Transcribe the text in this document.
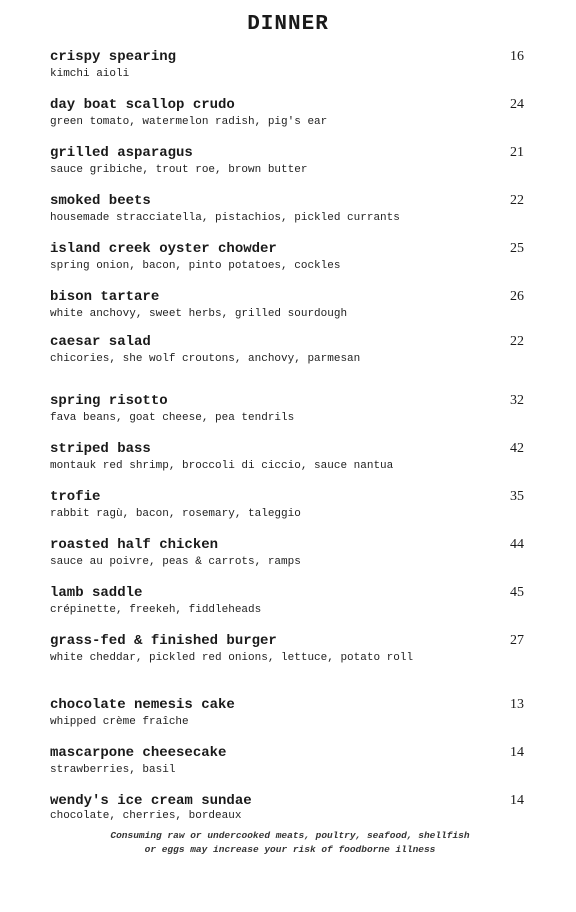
DINNER
crispy spearing
kimchi aioli
16
day boat scallop crudo
green tomato, watermelon radish, pig's ear
24
grilled asparagus
sauce gribiche, trout roe, brown butter
21
smoked beets
housemade stracciatella, pistachios, pickled currants
22
island creek oyster chowder
spring onion, bacon, pinto potatoes, cockles
25
bison tartare
white anchovy, sweet herbs, grilled sourdough
26
caesar salad
chicories, she wolf croutons, anchovy, parmesan
22
spring risotto
fava beans, goat cheese, pea tendrils
32
striped bass
montauk red shrimp, broccoli di ciccio, sauce nantua
42
trofie
rabbit ragù, bacon, rosemary, taleggio
35
roasted half chicken
sauce au poivre, peas & carrots, ramps
44
lamb saddle
crépinette, freekeh, fiddleheads
45
grass-fed & finished burger
white cheddar, pickled red onions, lettuce, potato roll
27
chocolate nemesis cake
whipped crème fraîche
13
mascarpone cheesecake
strawberries, basil
14
wendy's ice cream sundae
chocolate, cherries, bordeaux
14
Consuming raw or undercooked meats, poultry, seafood, shellfish
or eggs may increase your risk of foodborne illness
